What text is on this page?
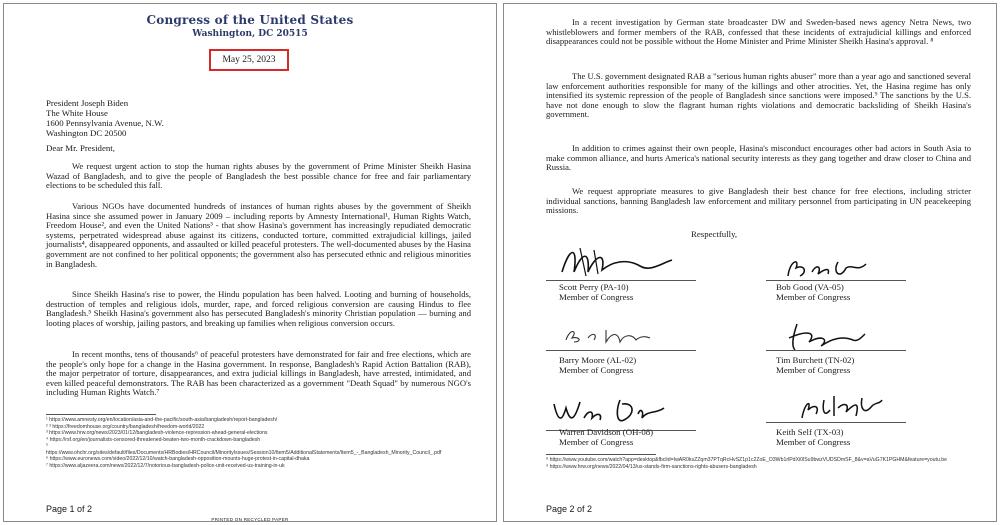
Congress of the United States
Washington, DC 20515
May 25, 2023
President Joseph Biden
The White House
1600 Pennsylvania Avenue, N.W.
Washington DC 20500
Dear Mr. President,
We request urgent action to stop the human rights abuses by the government of Prime Minister Sheikh Hasina Wazad of Bangladesh, and to give the people of Bangladesh the best possible chance for free and fair parliamentary elections to be scheduled this fall.
Various NGOs have documented hundreds of instances of human rights abuses by the government of Sheikh Hasina since she assumed power in January 2009 – including reports by Amnesty International¹, Human Rights Watch, Freedom House², and even the United Nations³ - that show Hasina's government has increasingly repudiated democratic systems, perpetrated widespread abuse against its citizens, conducted torture, committed extrajudicial killings, jailed journalists⁴, disappeared opponents, and assaulted or killed peaceful protesters. The well-documented abuses by the Hasina government are not confined to her political opponents; the government also has persecuted ethnic and religious minorities in Bangladesh.
Since Sheikh Hasina's rise to power, the Hindu population has been halved. Looting and burning of households, destruction of temples and religious idols, murder, rape, and forced religious conversion are causing Hindus to flee Bangladesh.⁵ Sheikh Hasina's government also has persecuted Bangladesh's minority Christian population — burning and looting places of worship, jailing pastors, and breaking up families when religious conversion occurs.
In recent months, tens of thousands⁶ of peaceful protesters have demonstrated for fair and free elections, which are the people's only hope for a change in the Hasina government. In response, Bangladesh's Rapid Action Battalion (RAB), the major perpetrator of torture, disappearances, and extra judicial killings in Bangladesh, have arrested, intimidated, and even killed peaceful demonstrators. The RAB has been characterized as a government "Death Squad" by numerous NGO's including Human Rights Watch.⁷
¹ https://www.amnesty.org/en/location/asia-and-the-pacific/south-asia/bangladesh/report-bangladesh/
² ³ https://freedomhouse.org/country/bangladesh/freedom-world/2022
³ https://www.hrw.org/news/2023/01/12/bangladesh-violence-repression-ahead-general-elections
⁴ https://rsf.org/en/journalists-censored-threatened-beaten-two-month-crackdown-bangladesh
⁵
https://www.ohchr.org/sites/default/files/Documents/HRBodies/HRCouncil/MinorityIssues/Session10/Item5/AdditionalStatements/Item5_-_Bangladesh_Minority_Council_.pdf
⁶ https://www.euronews.com/video/2022/12/10/watch-bangladesh-opposition-mounts-huge-protest-in-capital-dhaka
⁷ https://www.aljazeera.com/news/2022/12/7/notorious-bangladesh-police-unit-received-us-training-in-uk
Page 1 of 2
PRINTED ON RECYCLED PAPER
In a recent investigation by German state broadcaster DW and Sweden-based news agency Netra News, two whistleblowers and former members of the RAB, confessed that these incidents of extrajudicial killings and enforced disappearances could not be possible without the Home Minister and Prime Minister Sheikh Hasina's approval. ⁸
The U.S. government designated RAB a "serious human rights abuser" more than a year ago and sanctioned several law enforcement authorities responsible for many of the killings and other atrocities. Yet, the Hasina regime has only intensified its systemic repression of the people of Bangladesh since sanctions were imposed.⁹ The sanctions by the U.S. have not done enough to slow the flagrant human rights violations and democratic backsliding of Sheikh Hasina's government.
In addition to crimes against their own people, Hasina's misconduct encourages other bad actors in South Asia to make common alliance, and hurts America's national security interests as they gang together and draw closer to China and Russia.
We request appropriate measures to give Bangladesh their best chance for free elections, including stricter individual sanctions, banning Bangladesh law enforcement and military personnel from participating in UN peacekeeping missions.
Respectfully,
Scott Perry (PA-10)
Member of Congress
Bob Good (VA-05)
Member of Congress
Barry Moore (AL-02)
Member of Congress
Tim Burchett (TN-02)
Member of Congress
Warren Davidson (OH-08)
Member of Congress
Keith Self (TX-03)
Member of Congress
⁸ https://www.youtube.com/watch?app=desktop&fbclid=IwAR0ksZZqm37PTqRcHvSZ1p1c2ZoE_O3Wb1rlPdXi0lSu9bwzVUDSDmSF_8&v=aVuG7K1PGHM&feature=youtu.be
⁹ https://www.hrw.org/news/2022/04/13/us-stands-firm-sanctions-rights-abusers-bangladesh
Page 2 of 2
